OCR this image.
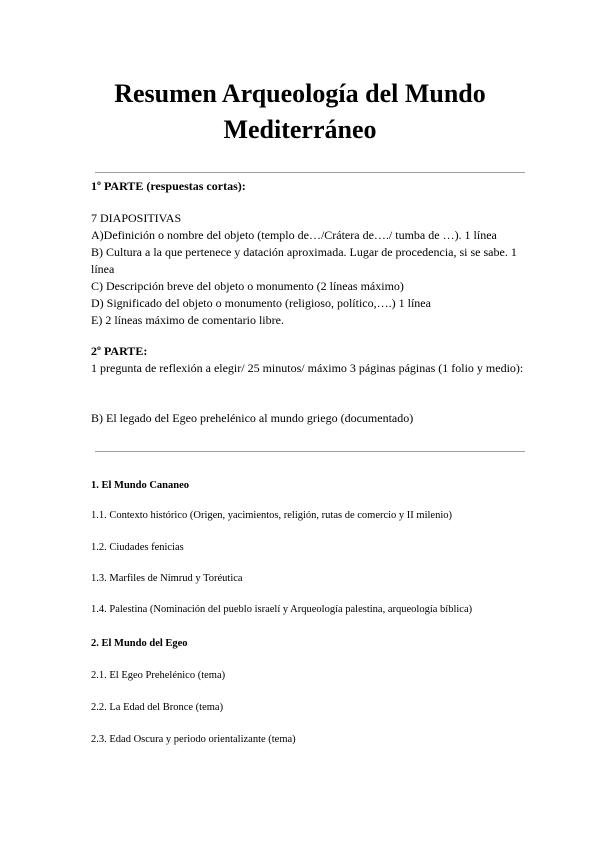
Resumen Arqueología del Mundo Mediterráneo
1º PARTE (respuestas cortas):
7 DIAPOSITIVAS
A)Definición o nombre del objeto (templo de…/Crátera de…./ tumba de …). 1 línea
B) Cultura a la que pertenece y datación aproximada. Lugar de procedencia, si se sabe. 1 línea
C) Descripción breve del objeto o monumento (2 líneas máximo)
D) Significado del objeto o monumento (religioso, político,….) 1 línea
E) 2 líneas máximo de comentario libre.
2º PARTE:
1 pregunta de reflexión a elegir/ 25 minutos/ máximo 3 páginas páginas (1 folio y medio):
B) El legado del Egeo prehelénico al mundo griego (documentado)
1. El Mundo Cananeo
1.1. Contexto histórico (Origen, yacimientos, religión, rutas de comercio y II milenio)
1.2. Ciudades fenicias
1.3. Marfiles de Nimrud y Toréutica
1.4. Palestina (Nominación del pueblo israelí y Arqueología palestina, arqueología bíblica)
2. El Mundo del Egeo
2.1. El Egeo Prehelénico (tema)
2.2. La Edad del Bronce (tema)
2.3. Edad Oscura y periodo orientalizante (tema)
